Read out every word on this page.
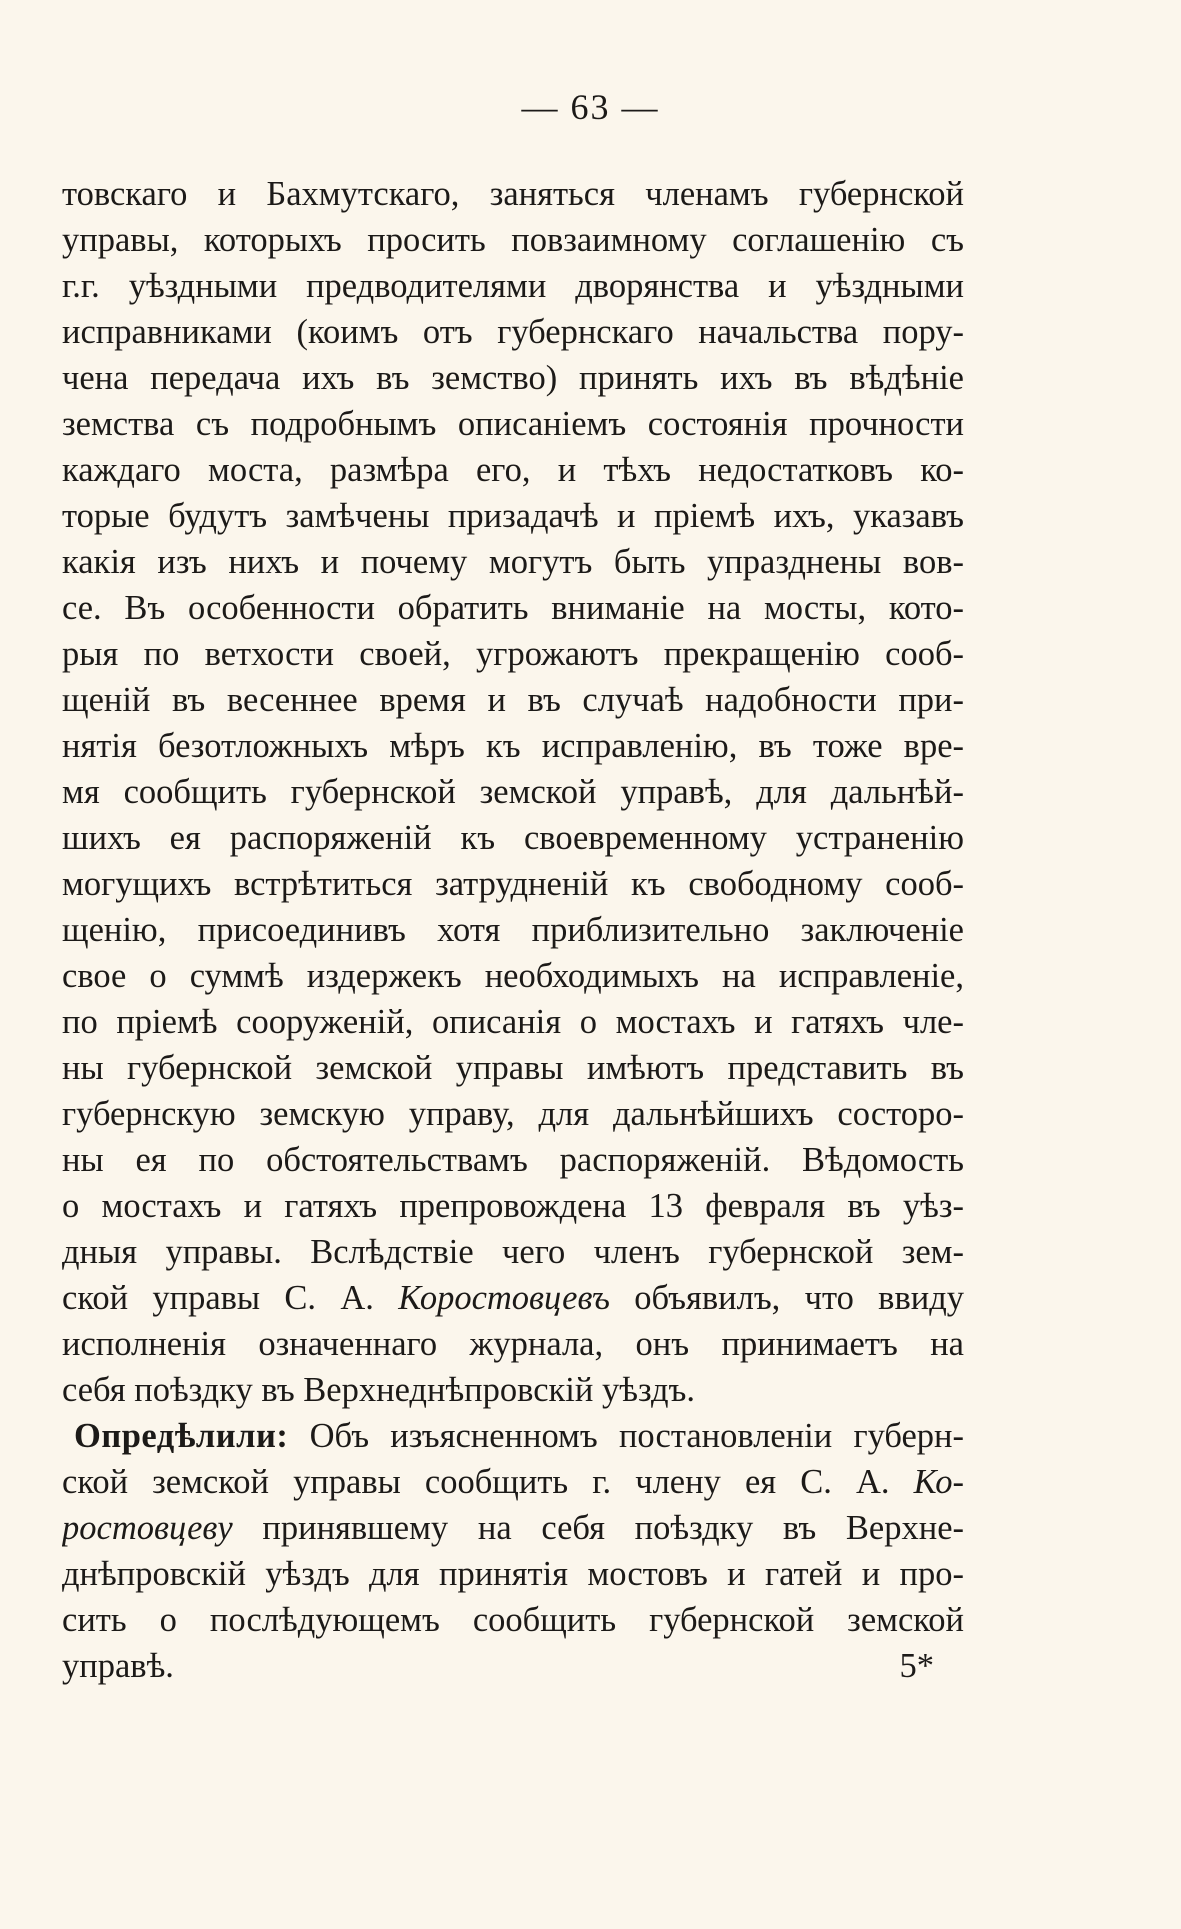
— 63 —
товскаго и Бахмутскаго, заняться членамъ губернской
управы, которыхъ просить повзаимному соглашенію съ
г.г. уѣздными предводителями дворянства и уѣздными
исправниками (коимъ отъ губернскаго начальства пору-
чена передача ихъ въ земство) принять ихъ въ вѣдѣніе
земства съ подробнымъ описаніемъ состоянія прочности
каждаго моста, размѣра его, и тѣхъ недостатковъ ко-
торые будутъ замѣчены призадачѣ и пріемѣ ихъ, указавъ
какія изъ нихъ и почему могутъ быть упразднены вов-
се. Въ особенности обратить вниманіе на мосты, кото-
рыя по ветхости своей, угрожаютъ прекращенію сооб-
щеній въ весеннее время и въ случаѣ надобности при-
нятія безотложныхъ мѣръ къ исправленію, въ тоже вре-
мя сообщить губернской земской управѣ, для дальнѣй-
шихъ ея распоряженій къ своевременному устраненію
могущихъ встрѣтиться затрудненій къ свободному сооб-
щенію, присоединивъ хотя приблизительно заключеніе
свое о суммѣ издержекъ необходимыхъ на исправленіе,
по пріемѣ сооруженій, описанія о мостахъ и гатяхъ чле-
ны губернской земской управы имѣютъ представить въ
губернскую земскую управу, для дальнѣйшихъ состоро-
ны ея по обстоятельствамъ распоряженій. Вѣдомость
о мостахъ и гатяхъ препровождена 13 февраля въ уѣз-
дныя управы. Вслѣдствіе чего членъ губернской зем-
ской управы С. А. Коростовцевъ объявилъ, что ввиду
исполненія означеннаго журнала, онъ принимаетъ на
себя поѣздку въ Верхнеднѣпровскій уѣздъ.
Опредѣлили: Объ изъясненномъ постановленіи губерн-
ской земской управы сообщить г. члену ея С. А. Ко-
ростовцеву принявшему на себя поѣздку въ Верхне-
днѣпровскій уѣздъ для принятія мостовъ и гатей и про-
сить о послѣдующемъ сообщить губернской земской
управѣ.	5*
